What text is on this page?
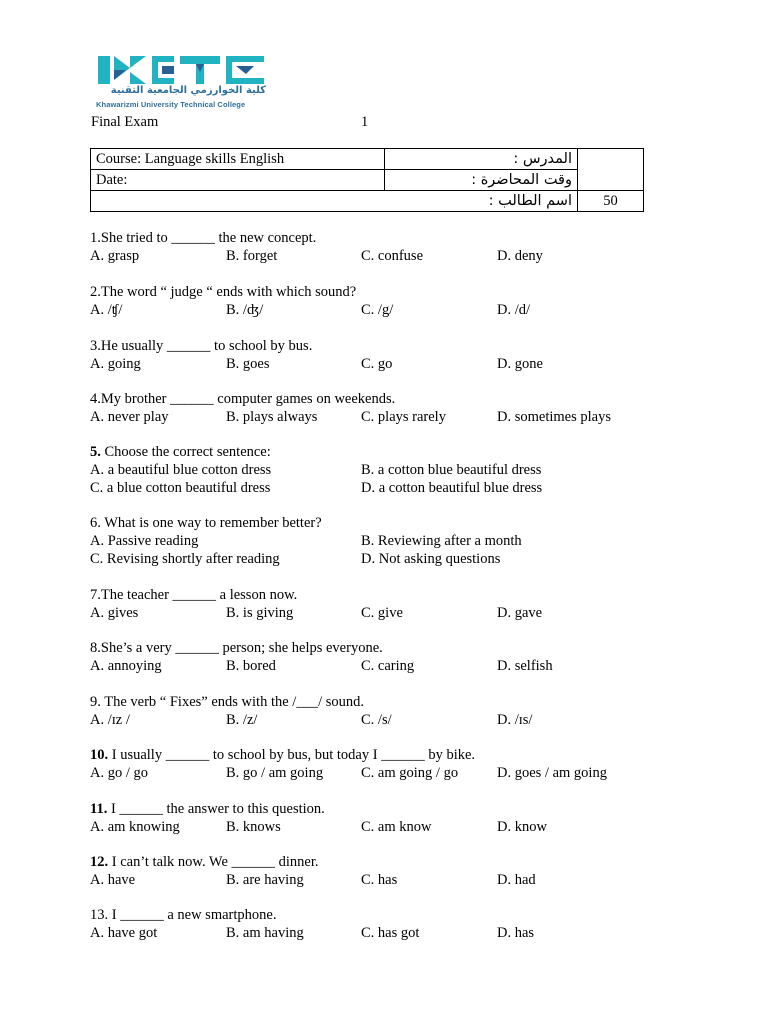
كلية الخوارزمي الجامعية التقنية
Khawarizmi University Technical College
Final Exam	1
Course: Language skills English	المدرس :	
Date:	وقت المحاضرة :	
اسم الطالب :		50
1.She tried to ______ the new concept.
A. grasp	B. forget	C. confuse	D. deny
2.The word “ judge “ ends with which sound?
A. /ʧ/	B. /ʤ/	C. /g/	D. /d/
3.He usually ______ to school by bus.
A. going	B. goes	C. go	D. gone
4.My brother ______ computer games on weekends.
A. never play	B. plays always	C. plays rarely	D. sometimes plays
5. Choose the correct sentence:
A. a beautiful blue cotton dress	B. a cotton blue beautiful dress
C. a blue cotton beautiful dress	D. a cotton beautiful blue dress
6. What is one way to remember better?
A. Passive reading	B. Reviewing after a month
C. Revising shortly after reading	D. Not asking questions
7.The teacher ______ a lesson now.
A. gives	B. is giving	C. give	D. gave
8.She’s a very ______ person; she helps everyone.
A. annoying	B. bored	C. caring	D. selfish
9. The verb “ Fixes” ends with the /___/ sound.
A. /ɪz /	B. /z/	C. /s/	D. /ɪs/
10. I usually ______ to school by bus, but today I ______ by bike.
A. go / go	B. go / am going	C. am going / go	D. goes / am going
11. I ______ the answer to this question.
A. am knowing	B. knows	C. am know	D. know
12. I can’t talk now. We ______ dinner.
A. have	B. are having	C. has	D. had
13. I ______ a new smartphone.
A. have got	B. am having	C. has got	D. has
